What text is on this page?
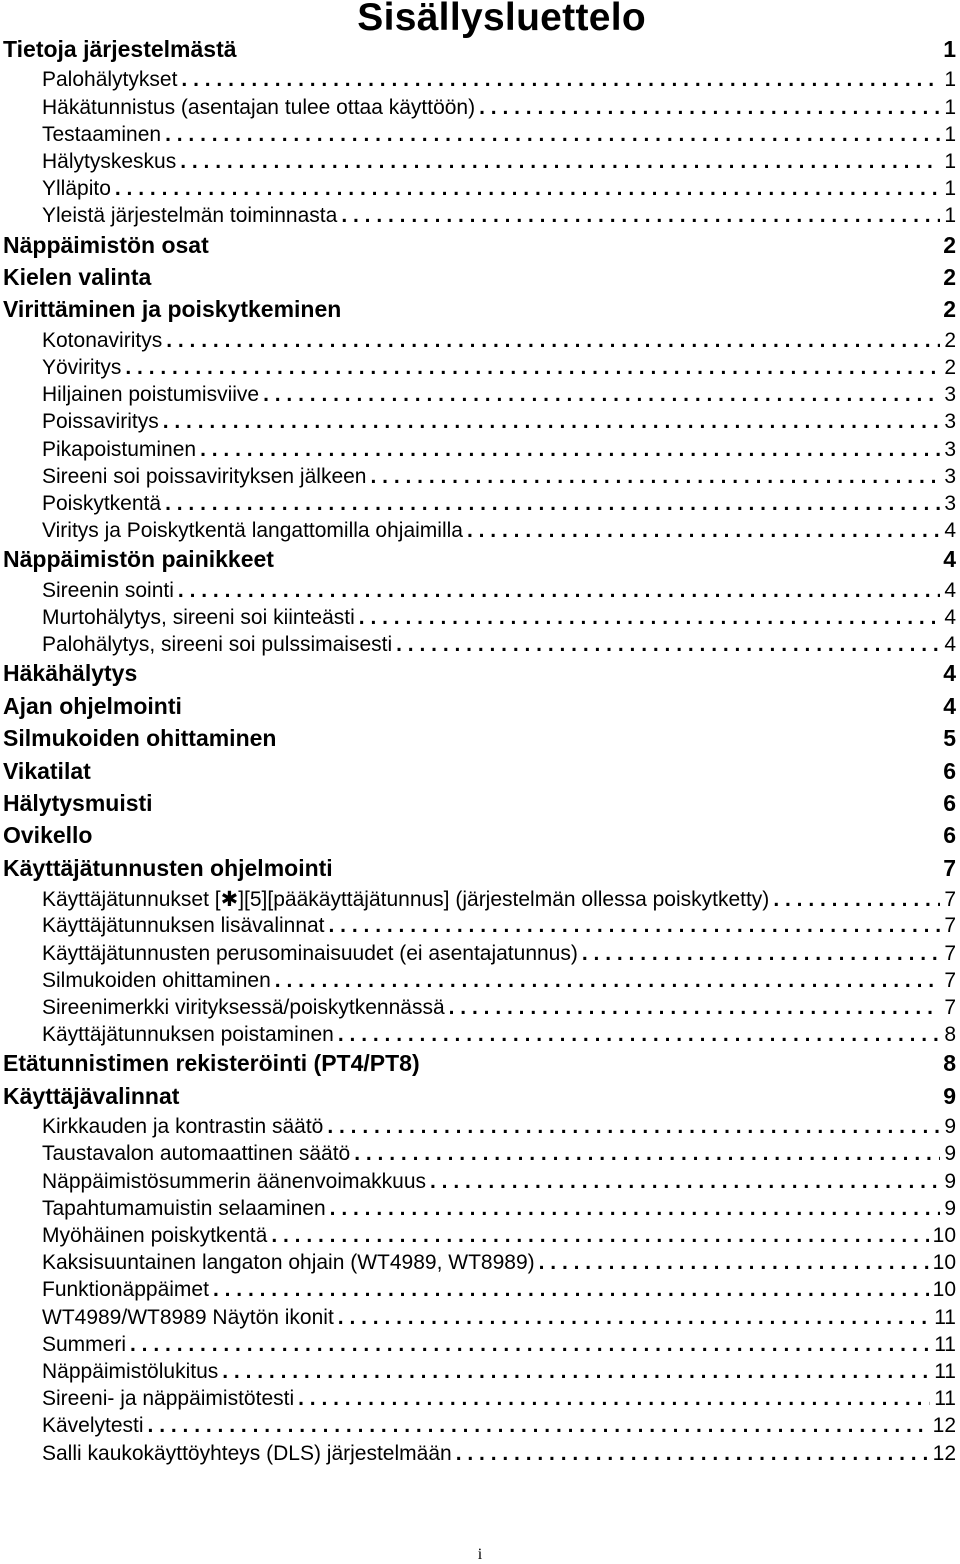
Sisällysluettelo
Tietoja järjestelmästä	1
Palohälytykset . . .	1
Häkätunnistus (asentajan tulee ottaa käyttöön) . . .	1
Testaaminen . . .	1
Hälytyskeskus . . .	1
Ylläpito . . .	1
Yleistä järjestelmän toiminnasta . . .	1
Näppäimistön osat	2
Kielen valinta	2
Virittäminen ja poiskytkeminen	2
Kotonaviritys . . .	2
Yöviritys . . .	2
Hiljainen poistumisviive . . .	3
Poissaviritys . . .	3
Pikapoistuminen . . .	3
Sireeni soi poissavirityksen jälkeen . . .	3
Poiskytkentä . . .	3
Viritys ja Poiskytkentä langattomilla ohjaimilla . . .	4
Näppäimistön painikkeet	4
Sireenin sointi . . .	4
Murtohälytys, sireeni soi kiinteästi . . .	4
Palohälytys, sireeni soi pulssimaisesti . . .	4
Häkähälytys	4
Ajan ohjelmointi	4
Silmukoiden ohittaminen	5
Vikatilat	6
Hälytysmuisti	6
Ovikello	6
Käyttäjätunnusten ohjelmointi	7
Käyttäjätunnukset [✱][5][pääkäyttäjätunnus] (järjestelmän ollessa poiskytketty) . . .	7
Käyttäjätunnuksen lisävalinnat . . .	7
Käyttäjätunnusten perusominaisuudet (ei asentajatunnus) . . .	7
Silmukoiden ohittaminen . . .	7
Sireenimerkki virityksessä/poiskytkennässä . . .	7
Käyttäjätunnuksen poistaminen . . .	8
Etätunnistimen rekisteröinti (PT4/PT8)	8
Käyttäjävalinnat	9
Kirkkauden ja kontrastin säätö . . .	9
Taustavalon automaattinen säätö . . .	9
Näppäimistösummerin äänenvoimakkuus . . .	9
Tapahtumamuistin selaaminen . . .	9
Myöhäinen poiskytkentä . . .	10
Kaksisuuntainen langaton ohjain (WT4989, WT8989) . . .	10
Funktionäppäimet . . .	10
WT4989/WT8989 Näytön ikonit . . .	11
Summeri . . .	11
Näppäimistölukitus . . .	11
Sireeni- ja näppäimistötesti . . .	11
Kävelytesti . . .	12
Salli kaukokäyttöyhteys (DLS) järjestelmään . . .	12
i
